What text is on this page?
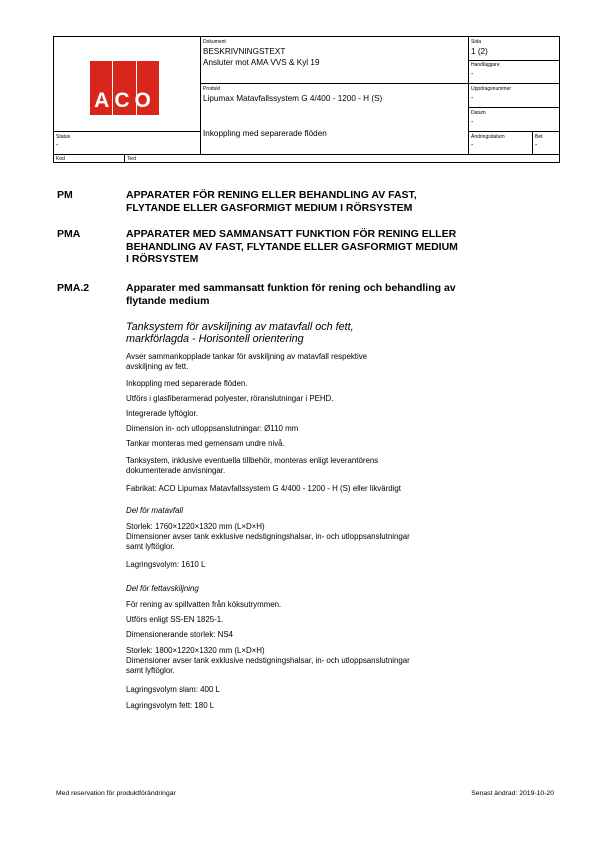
ACO
Dokument
BESKRIVNINGSTEXT
Ansluter mot AMA VVS & Kyl 19
Sida
1 (2)
Handläggare
-
Produkt
Lipumax Matavfallssystem G 4/400 - 1200 - H (S)
Inkoppling med separerade flöden
Uppdragsnummer
-
Datum
-
Status
-
Ändringsdatum
-
Bet
-
Kod	Text
PM	APPARATER FÖR RENING ELLER BEHANDLING AV FAST,
FLYTANDE ELLER GASFORMIGT MEDIUM I RÖRSYSTEM
PMA	APPARATER MED SAMMANSATT FUNKTION FÖR RENING ELLER
BEHANDLING AV FAST, FLYTANDE ELLER GASFORMIGT MEDIUM
I RÖRSYSTEM
PMA.2	Apparater med sammansatt funktion för rening och behandling av
flytande medium
Tanksystem för avskiljning av matavfall och fett,
markförlagda - Horisontell orientering
Avser sammankopplade tankar för avskiljning av matavfall respektive
avskiljning av fett.
Inkoppling med separerade flöden.
Utförs i glasfiberarmerad polyester, röranslutningar i PEHD.
Integrerade lyftöglor.
Dimension in- och utloppsanslutningar: Ø110 mm
Tankar monteras med gemensam undre nivå.
Tanksystem, inklusive eventuella tillbehör, monteras enligt leverantörens
dokumenterade anvisningar.
Fabrikat: ACO Lipumax Matavfallssystem G 4/400 - 1200 - H (S) eller likvärdigt
Del för matavfall
Storlek: 1760×1220×1320 mm (L×D×H)
Dimensioner avser tank exklusive nedstigningshalsar, in- och utloppsanslutningar
samt lyftöglor.
Lagringsvolym: 1610 L
Del för fettavskiljning
För rening av spillvatten från köksutrymmen.
Utförs enligt SS-EN 1825-1.
Dimensionerande storlek: NS4
Storlek: 1800×1220×1320 mm (L×D×H)
Dimensioner avser tank exklusive nedstigningshalsar, in- och utloppsanslutningar
samt lyftöglor.
Lagringsvolym slam: 400 L
Lagringsvolym fett: 180 L
Med reservation för produktförändringar	Senast ändrad: 2019-10-20
